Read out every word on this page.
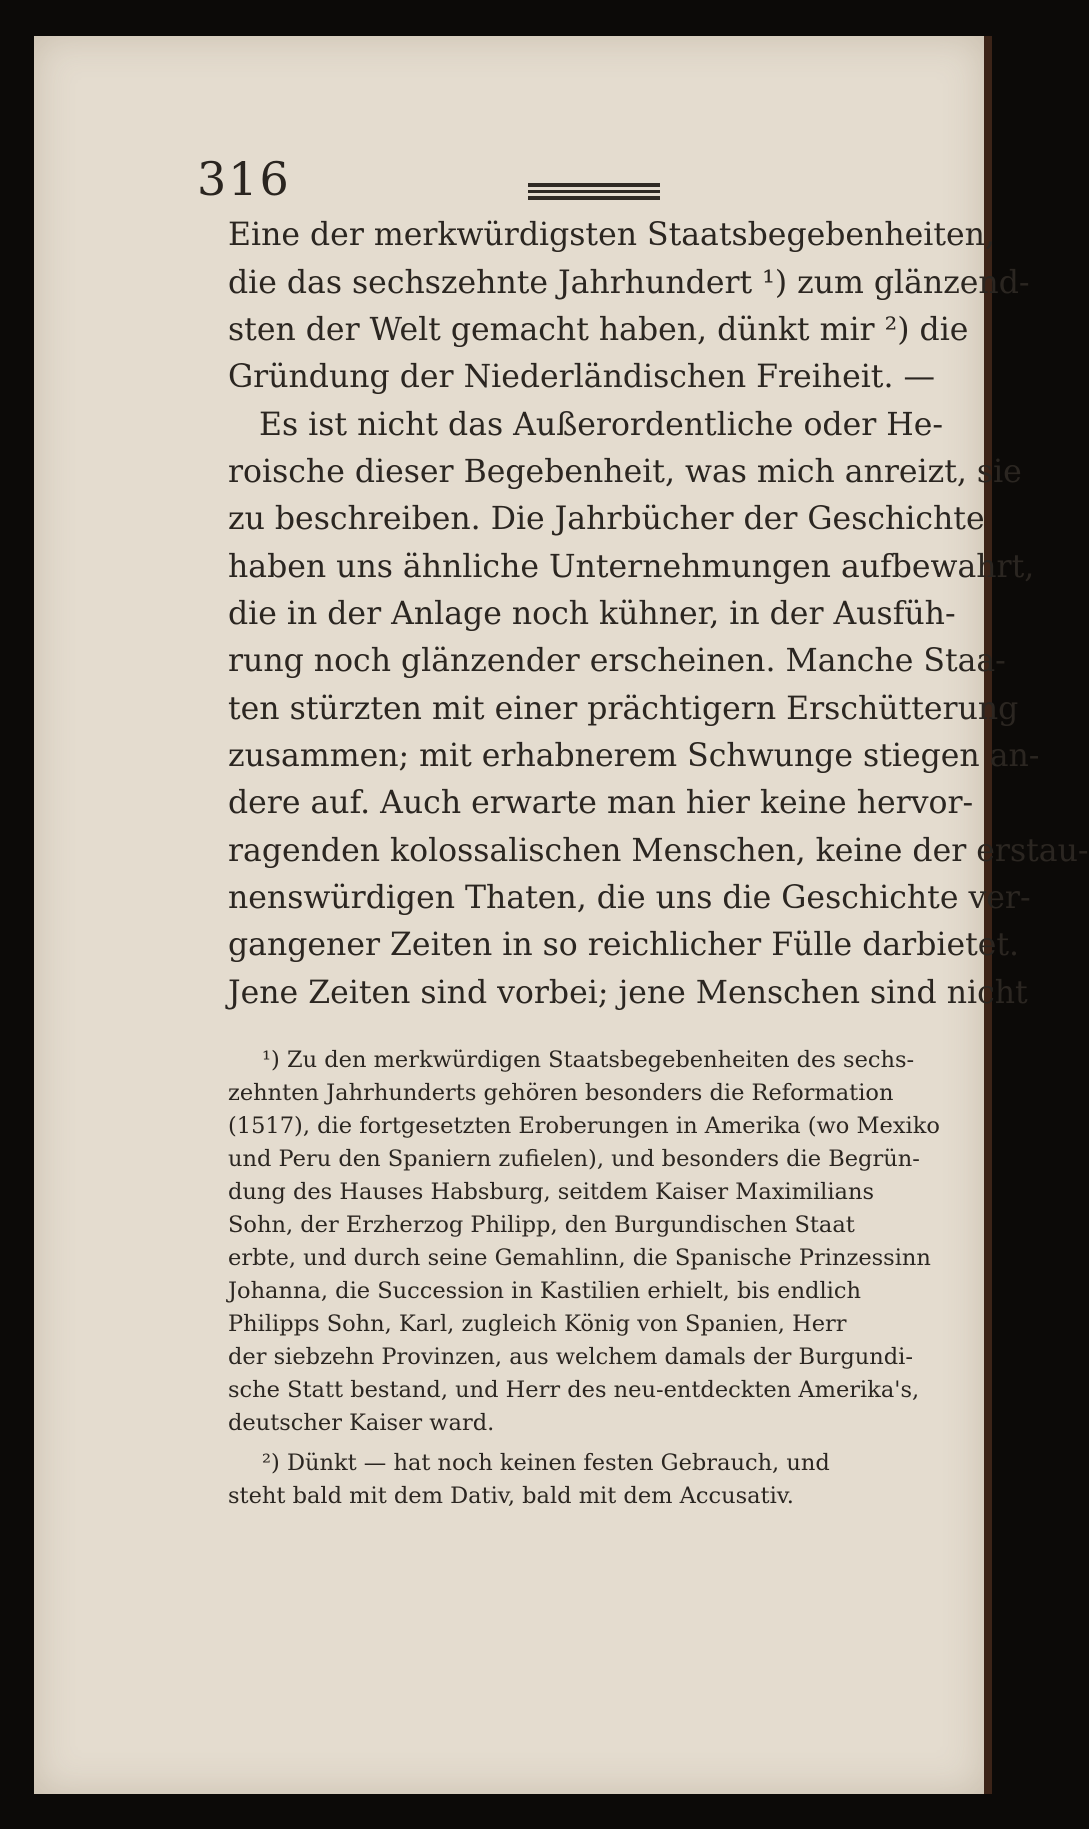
316
Eine der merkwürdigsten Staatsbegebenheiten,
die das sechszehnte Jahrhundert ¹) zum glänzend-
sten der Welt gemacht haben, dünkt mir ²) die
Gründung der Niederländischen Freiheit. —
Es ist nicht das Außerordentliche oder He-
roische dieser Begebenheit, was mich anreizt, sie
zu beschreiben. Die Jahrbücher der Geschichte
haben uns ähnliche Unternehmungen aufbewahrt,
die in der Anlage noch kühner, in der Ausfüh-
rung noch glänzender erscheinen. Manche Staa-
ten stürzten mit einer prächtigern Erschütterung
zusammen; mit erhabnerem Schwunge stiegen an-
dere auf. Auch erwarte man hier keine hervor-
ragenden kolossalischen Menschen, keine der erstau-
nenswürdigen Thaten, die uns die Geschichte ver-
gangener Zeiten in so reichlicher Fülle darbietet.
Jene Zeiten sind vorbei; jene Menschen sind nicht
¹) Zu den merkwürdigen Staatsbegebenheiten des sechs-
zehnten Jahrhunderts gehören besonders die Reformation
(1517), die fortgesetzten Eroberungen in Amerika (wo Mexiko
und Peru den Spaniern zufielen), und besonders die Begrün-
dung des Hauses Habsburg, seitdem Kaiser Maximilians
Sohn, der Erzherzog Philipp, den Burgundischen Staat
erbte, und durch seine Gemahlinn, die Spanische Prinzessinn
Johanna, die Succession in Kastilien erhielt, bis endlich
Philipps Sohn, Karl, zugleich König von Spanien, Herr
der siebzehn Provinzen, aus welchem damals der Burgundi-
sche Statt bestand, und Herr des neu-entdeckten Amerika's,
deutscher Kaiser ward.
²) Dünkt — hat noch keinen festen Gebrauch, und
steht bald mit dem Dativ, bald mit dem Accusativ.
